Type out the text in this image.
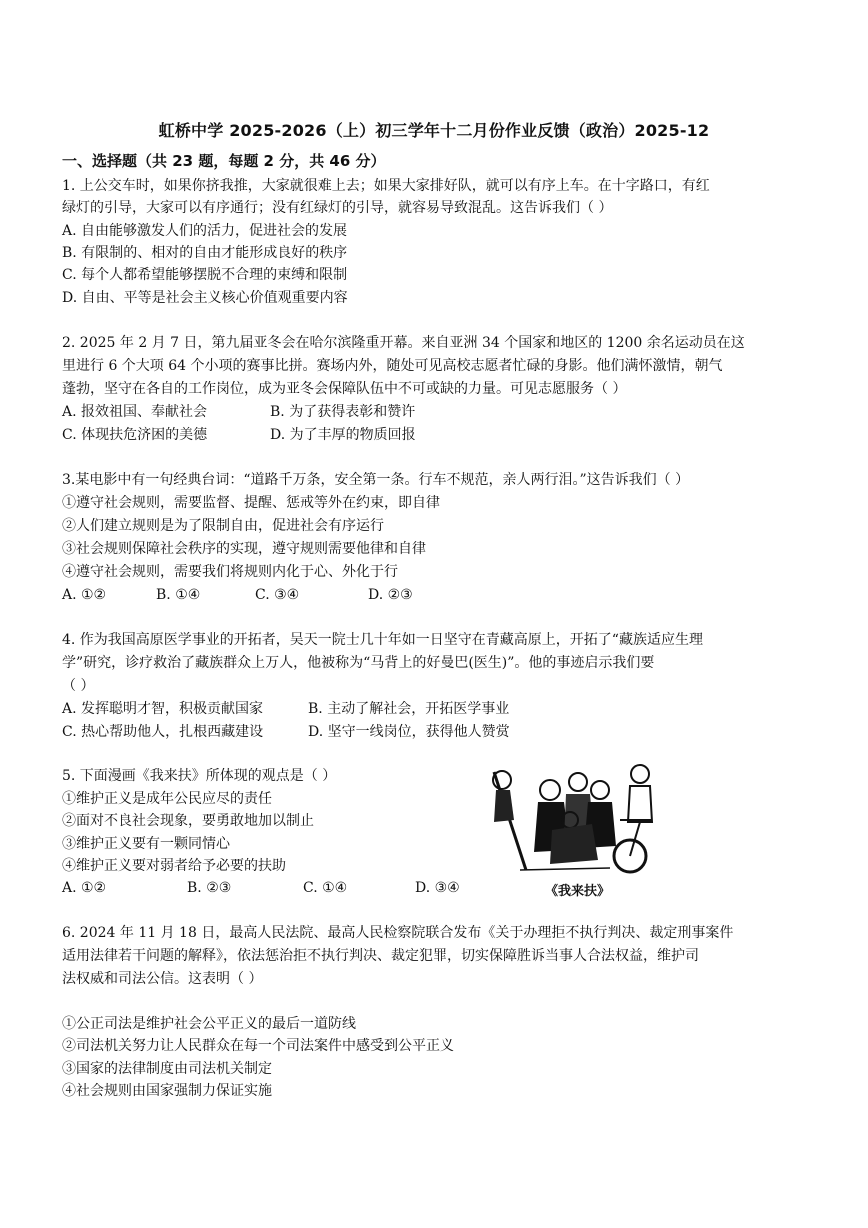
虹桥中学 2025-2026（上）初三学年十二月份作业反馈（政治）2025-12
一、选择题（共 23 题，每题 2 分，共 46 分）
1. 上公交车时，如果你挤我推，大家就很难上去；如果大家排好队，就可以有序上车。在十字路口，有红
绿灯的引导，大家可以有序通行；没有红绿灯的引导，就容易导致混乱。这告诉我们（ ）
A. 自由能够激发人们的活力，促进社会的发展
B. 有限制的、相对的自由才能形成良好的秩序
C. 每个人都希望能够摆脱不合理的束缚和限制
D. 自由、平等是社会主义核心价值观重要内容
2. 2025 年 2 月 7 日，第九届亚冬会在哈尔滨隆重开幕。来自亚洲 34 个国家和地区的 1200 余名运动员在这
里进行 6 个大项 64 个小项的赛事比拼。赛场内外，随处可见高校志愿者忙碌的身影。他们满怀激情，朝气
蓬勃，坚守在各自的工作岗位，成为亚冬会保障队伍中不可或缺的力量。可见志愿服务（ ）
A. 报效祖国、奉献社会	B. 为了获得表彰和赞许
C. 体现扶危济困的美德	D. 为了丰厚的物质回报
3.某电影中有一句经典台词：“道路千万条，安全第一条。行车不规范，亲人两行泪。”这告诉我们（ ）
①遵守社会规则，需要监督、提醒、惩戒等外在约束，即自律
②人们建立规则是为了限制自由，促进社会有序运行
③社会规则保障社会秩序的实现，遵守规则需要他律和自律
④遵守社会规则，需要我们将规则内化于心、外化于行
A. ①②	B. ①④	C. ③④	D. ②③
4. 作为我国高原医学事业的开拓者，吴天一院士几十年如一日坚守在青藏高原上，开拓了“藏族适应生理
学”研究，诊疗救治了藏族群众上万人，他被称为“马背上的好曼巴(医生)”。他的事迹启示我们要
（ ）
A. 发挥聪明才智，积极贡献国家	B. 主动了解社会，开拓医学事业
C. 热心帮助他人，扎根西藏建设	D. 坚守一线岗位，获得他人赞赏
5. 下面漫画《我来扶》所体现的观点是（ ）
①维护正义是成年公民应尽的责任
②面对不良社会现象，要勇敢地加以制止
③维护正义要有一颗同情心
④维护正义要对弱者给予必要的扶助
A. ①②	B. ②③	C. ①④	D. ③④	《我来扶》
6. 2024 年 11 月 18 日，最高人民法院、最高人民检察院联合发布《关于办理拒不执行判决、裁定刑事案件
适用法律若干问题的解释》，依法惩治拒不执行判决、裁定犯罪，切实保障胜诉当事人合法权益，维护司
法权威和司法公信。这表明（ ）
①公正司法是维护社会公平正义的最后一道防线
②司法机关努力让人民群众在每一个司法案件中感受到公平正义
③国家的法律制度由司法机关制定
④社会规则由国家强制力保证实施
